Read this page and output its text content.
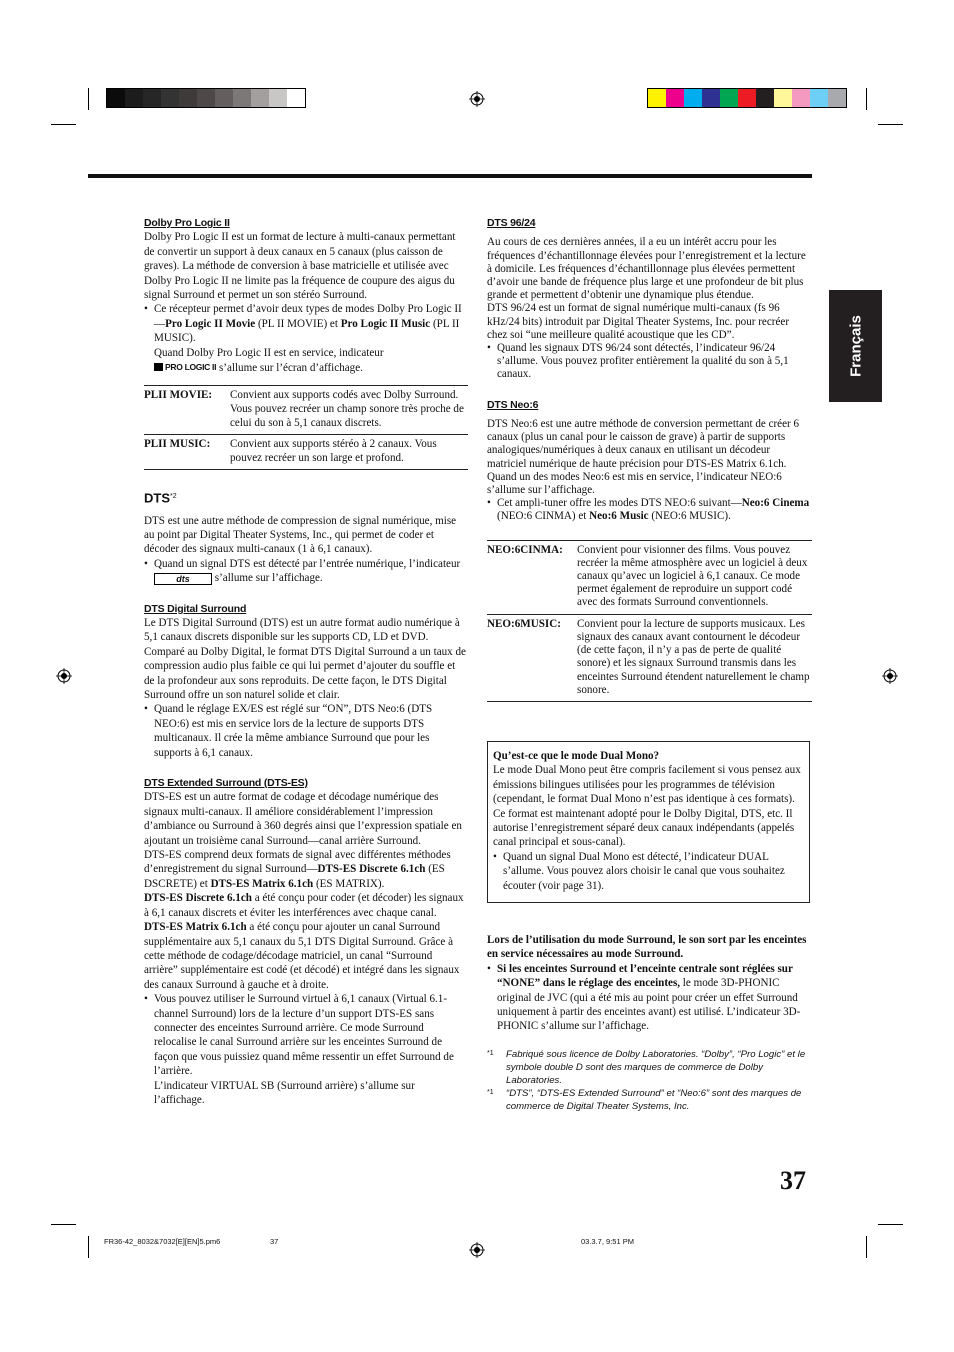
Français

Dolby Pro Logic II

Dolby Pro Logic II est un format de lecture à multi-canaux permettant de convertir un support à deux canaux en 5 canaux (plus caisson de graves). La méthode de conversion à base matricielle et utilisée avec Dolby Pro Logic II ne limite pas la fréquence de coupure des aigus du signal Surround et permet un son stéréo Surround.

• Ce récepteur permet d’avoir deux types de modes Dolby Pro Logic II—Pro Logic II Movie (PL II MOVIE) et Pro Logic II Music (PL II MUSIC).

Quand Dolby Pro Logic II est en service, indicateur

PRO LOGIC II s’allume sur l’écran d’affichage.

PLII MOVIE:	Convient aux supports codés avec Dolby Surround. Vous pouvez recréer un champ sonore très proche de celui du son à 5,1 canaux discrets.
PLII MUSIC:	Convient aux supports stéréo à 2 canaux. Vous pouvez recréer un son large et profond.

DTS$^{*2}$

DTS est une autre méthode de compression de signal numérique, mise au point par Digital Theater Systems, Inc., qui permet de coder et décoder des signaux multi-canaux (1 à 6,1 canaux).

• Quand un signal DTS est détecté par l’entrée numérique, l’indicateur  dts s’allume sur l’affichage.

DTS Digital Surround

Le DTS Digital Surround (DTS) est un autre format audio numérique à 5,1 canaux discrets disponible sur les supports CD, LD et DVD.

Comparé au Dolby Digital, le format DTS Digital Surround a un taux de compression audio plus faible ce qui lui permet d’ajouter du souffle et de la profondeur aux sons reproduits. De cette façon, le DTS Digital Surround offre un son naturel solide et clair.

• Quand le réglage EX/ES est réglé sur “ON”, DTS Neo:6 (DTS NEO:6) est mis en service lors de la lecture de supports DTS multicanaux. Il crée la même ambiance Surround que pour les supports à 6,1 canaux.

DTS Extended Surround (DTS-ES)

DTS-ES est un autre format de codage et décodage numérique des signaux multi-canaux. Il améliore considérablement l’impression d’ambiance ou Surround à 360 degrés ainsi que l’expression spatiale en ajoutant un troisième canal Surround—canal arrière Surround.

DTS-ES comprend deux formats de signal avec différentes méthodes d’enregistrement du signal Surround—DTS-ES Discrete 6.1ch (ES DSCRETE) et DTS-ES Matrix 6.1ch (ES MATRIX).

DTS-ES Discrete 6.1ch a été conçu pour coder (et décoder) les signaux à 6,1 canaux discrets et éviter les interférences avec chaque canal.

DTS-ES Matrix 6.1ch a été conçu pour ajouter un canal Surround supplémentaire aux 5,1 canaux du 5,1 DTS Digital Surround. Grâce à cette méthode de codage/décodage matriciel, un canal “Surround arrière” supplémentaire est codé (et décodé) et intégré dans les signaux des canaux Surround à gauche et à droite.

• Vous pouvez utiliser le Surround virtuel à 6,1 canaux (Virtual 6.1-channel Surround) lors de la lecture d’un support DTS-ES sans connecter des enceintes Surround arrière. Ce mode Surround relocalise le canal Surround arrière sur les enceintes Surround de façon que vous puissiez quand même ressentir un effet Surround de l’arrière.

L’indicateur VIRTUAL SB (Surround arrière) s’allume sur l’affichage.

DTS 96/24

Au cours de ces dernières années, il a eu un intérêt accru pour les fréquences d’échantillonnage élevées pour l’enregistrement et la lecture à domicile. Les fréquences d’échantillonnage plus élevées permettent d’avoir une bande de fréquence plus large et une profondeur de bit plus grande et permettent d’obtenir une dynamique plus étendue.

DTS 96/24 est un format de signal numérique multi-canaux (fs 96 kHz/24 bits) introduit par Digital Theater Systems, Inc. pour recréer chez soi “une meilleure qualité acoustique que les CD”.

• Quand les signaux DTS 96/24 sont détectés, l’indicateur 96/24 s’allume. Vous pouvez profiter entièrement la qualité du son à 5,1 canaux.

DTS Neo:6

DTS Neo:6 est une autre méthode de conversion permettant de créer 6 canaux (plus un canal pour le caisson de grave) à partir de supports analogiques/numériques à deux canaux en utilisant un décodeur matriciel numérique de haute précision pour DTS-ES Matrix 6.1ch. Quand un des modes Neo:6 est mis en service, l’indicateur NEO:6 s’allume sur l’affichage.

• Cet ampli-tuner offre les modes DTS NEO:6 suivant—Neo:6 Cinema (NEO:6 CINMA) et Neo:6 Music (NEO:6 MUSIC).

NEO:6CINMA:	Convient pour visionner des films. Vous pouvez recréer la même atmosphère avec un logiciel à deux canaux qu’avec un logiciel à 6,1 canaux. Ce mode permet également de reproduire un support codé avec des formats Surround conventionnels.
NEO:6MUSIC:	Convient pour la lecture de supports musicaux. Les signaux des canaux avant contournent le décodeur (de cette façon, il n’y a pas de perte de qualité sonore) et les signaux Surround transmis dans les enceintes Surround étendent naturellement le champ sonore.

Qu’est-ce que le mode Dual Mono?

Le mode Dual Mono peut être compris facilement si vous pensez aux émissions bilingues utilisées pour les programmes de télévision (cependant, le format Dual Mono n’est pas identique à ces formats).

Ce format est maintenant adopté pour le Dolby Digital, DTS, etc. Il autorise l’enregistrement séparé deux canaux indépendants (appelés canal principal et sous-canal).

• Quand un signal Dual Mono est détecté, l’indicateur DUAL s’allume. Vous pouvez alors choisir le canal que vous souhaitez écouter (voir page 31).

Lors de l’utilisation du mode Surround, le son sort par les enceintes en service nécessaires au mode Surround.

• Si les enceintes Surround et l’enceinte centrale sont réglées sur “NONE” dans le réglage des enceintes, le mode 3D-PHONIC original de JVC (qui a été mis au point pour créer un effet Surround uniquement à partir des enceintes avant) est utilisé. L’indicateur 3D-PHONIC s’allume sur l’affichage.

*1 Fabriqué sous licence de Dolby Laboratories. “Dolby”, “Pro Logic” et le symbole double D sont des marques de commerce de Dolby Laboratories.

*1 “DTS”, “DTS-ES Extended Surround” et “Neo:6” sont des marques de commerce de Digital Theater Systems, Inc.

37
FR36-42_8032&7032[E][EN]5.pm6	37	03.3.7, 9:51 PM
